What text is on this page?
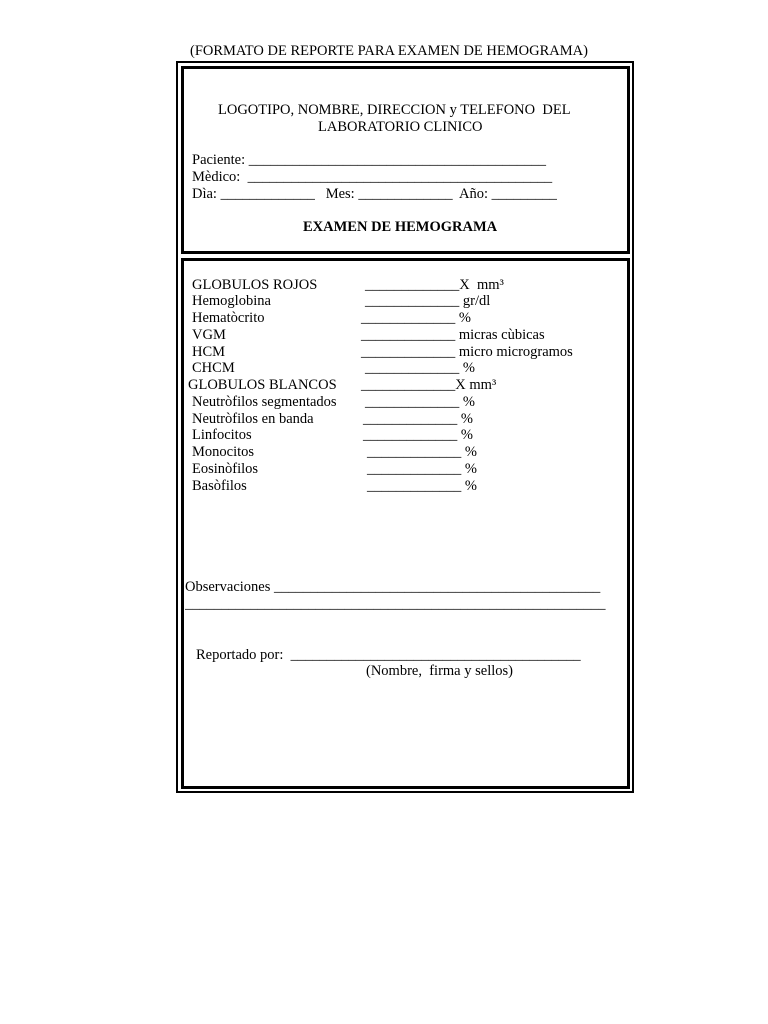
(FORMATO DE REPORTE PARA EXAMEN DE HEMOGRAMA)
LOGOTIPO, NOMBRE, DIRECCION y TELEFONO  DEL
LABORATORIO CLINICO
Paciente: _________________________________________
Mèdico:  __________________________________________
Dìa: _____________   Mes: _____________  Año: _________
EXAMEN DE HEMOGRAMA
GLOBULOS ROJOS	_____________X  mm³
Hemoglobina	_____________ gr/dl
Hematòcrito	_____________ %
VGM	_____________ micras cùbicas
HCM	_____________ micro microgramos
CHCM	_____________ %
GLOBULOS BLANCOS _____________X mm³
Neutròfilos segmentados _____________ %
Neutròfilos en banda	_____________ %
Linfocitos	_____________ %
Monocitos	_____________ %
Eosinòfilos	_____________ %
Basòfilos	_____________ %
Observaciones _____________________________________________
__________________________________________________________
Reportado por:  ________________________________________
(Nombre,  firma y sellos)
